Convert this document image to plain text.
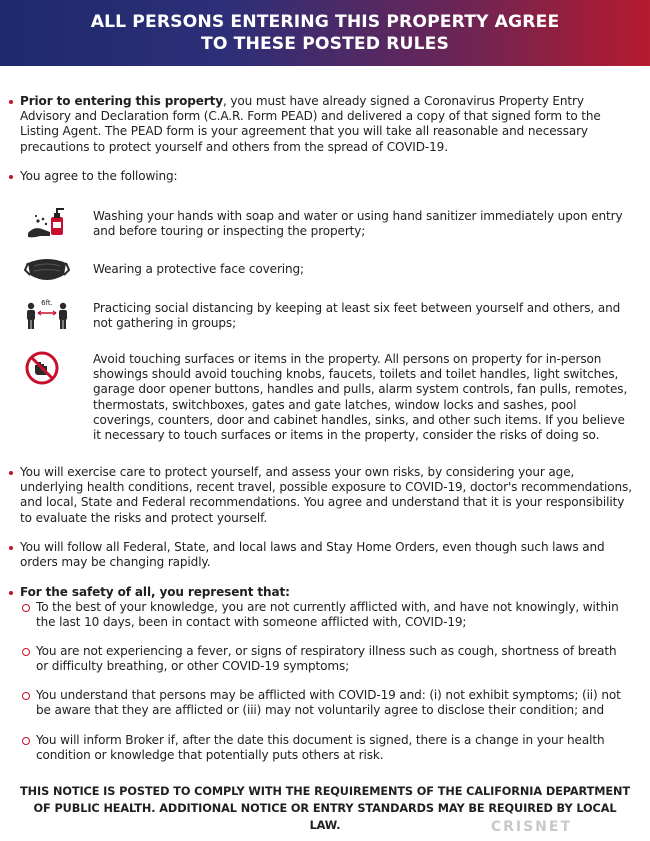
ALL PERSONS ENTERING THIS PROPERTY AGREE
TO THESE POSTED RULES
Prior to entering this property, you must have already signed a Coronavirus Property Entry Advisory and Declaration form (C.A.R. Form PEAD) and delivered a copy of that signed form to the Listing Agent. The PEAD form is your agreement that you will take all reasonable and necessary precautions to protect yourself and others from the spread of COVID-19.
You agree to the following:
Washing your hands with soap and water or using hand sanitizer immediately upon entry and before touring or inspecting the property;
Wearing a protective face covering;
6ft.	Practicing social distancing by keeping at least six feet between yourself and others, and not gathering in groups;
Avoid touching surfaces or items in the property. All persons on property for in-person showings should avoid touching knobs, faucets, toilets and toilet handles, light switches, garage door opener buttons, handles and pulls, alarm system controls, fan pulls, remotes, thermostats, switchboxes, gates and gate latches, window locks and sashes, pool coverings, counters, door and cabinet handles, sinks, and other such items. If you believe it necessary to touch surfaces or items in the property, consider the risks of doing so.
You will exercise care to protect yourself, and assess your own risks, by considering your age, underlying health conditions, recent travel, possible exposure to COVID-19, doctor's recommendations, and local, State and Federal recommendations. You agree and understand that it is your responsibility to evaluate the risks and protect yourself.
You will follow all Federal, State, and local laws and Stay Home Orders, even though such laws and orders may be changing rapidly.
For the safety of all, you represent that:
To the best of your knowledge, you are not currently afflicted with, and have not knowingly, within the last 10 days, been in contact with someone afflicted with, COVID-19;
You are not experiencing a fever, or signs of respiratory illness such as cough, shortness of breath or difficulty breathing, or other COVID-19 symptoms;
You understand that persons may be afflicted with COVID-19 and: (i) not exhibit symptoms; (ii) not be aware that they are afflicted or (iii) may not voluntarily agree to disclose their condition; and
You will inform Broker if, after the date this document is signed, there is a change in your health condition or knowledge that potentially puts others at risk.
THIS NOTICE IS POSTED TO COMPLY WITH THE REQUIREMENTS OF THE CALIFORNIA DEPARTMENT OF PUBLIC HEALTH. ADDITIONAL NOTICE OR ENTRY STANDARDS MAY BE REQUIRED BY LOCAL LAW.	CRISNET
